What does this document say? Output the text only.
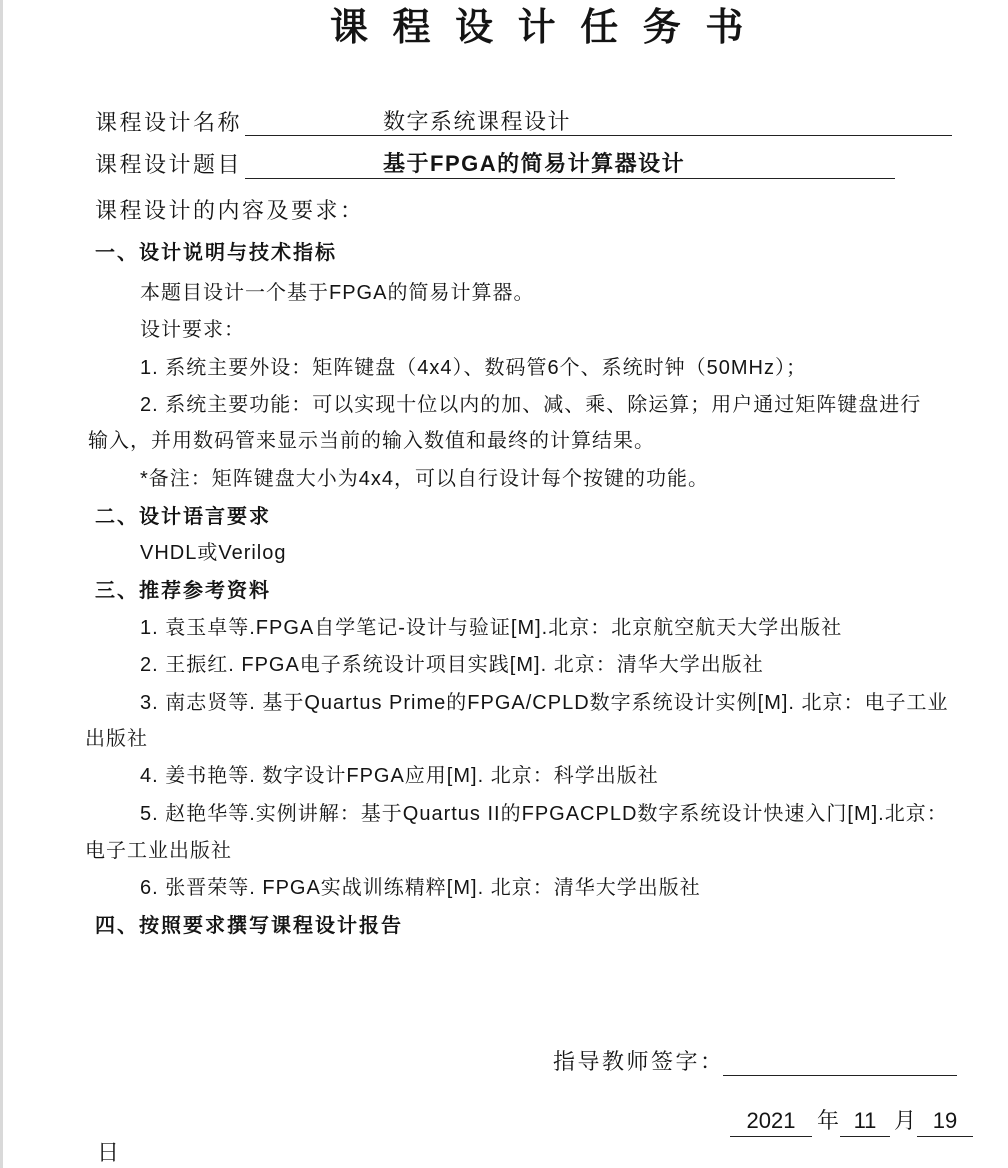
课 程 设 计 任 务 书
课程设计名称	数字系统课程设计
课程设计题目	基于FPGA的简易计算器设计
课程设计的内容及要求：
一、设计说明与技术指标
本题目设计一个基于FPGA的简易计算器。
设计要求：
1. 系统主要外设：矩阵键盘（4x4）、数码管6个、系统时钟（50MHz）；
2. 系统主要功能：可以实现十位以内的加、减、乘、除运算；用户通过矩阵键盘进行
输入，并用数码管来显示当前的输入数值和最终的计算结果。
*备注：矩阵键盘大小为4x4，可以自行设计每个按键的功能。
二、设计语言要求
VHDL或Verilog
三、推荐参考资料
1. 袁玉卓等.FPGA自学笔记-设计与验证[M].北京：北京航空航天大学出版社
2. 王振红. FPGA电子系统设计项目实践[M]. 北京：清华大学出版社
3. 南志贤等. 基于Quartus Prime的FPGA/CPLD数字系统设计实例[M]. 北京：电子工业
出版社
4. 姜书艳等. 数字设计FPGA应用[M]. 北京：科学出版社
5. 赵艳华等.实例讲解：基于Quartus II的FPGACPLD数字系统设计快速入门[M].北京：
电子工业出版社
6. 张晋荣等. FPGA实战训练精粹[M]. 北京：清华大学出版社
四、按照要求撰写课程设计报告
指导教师签字：
2021 年 11 月 19
日
